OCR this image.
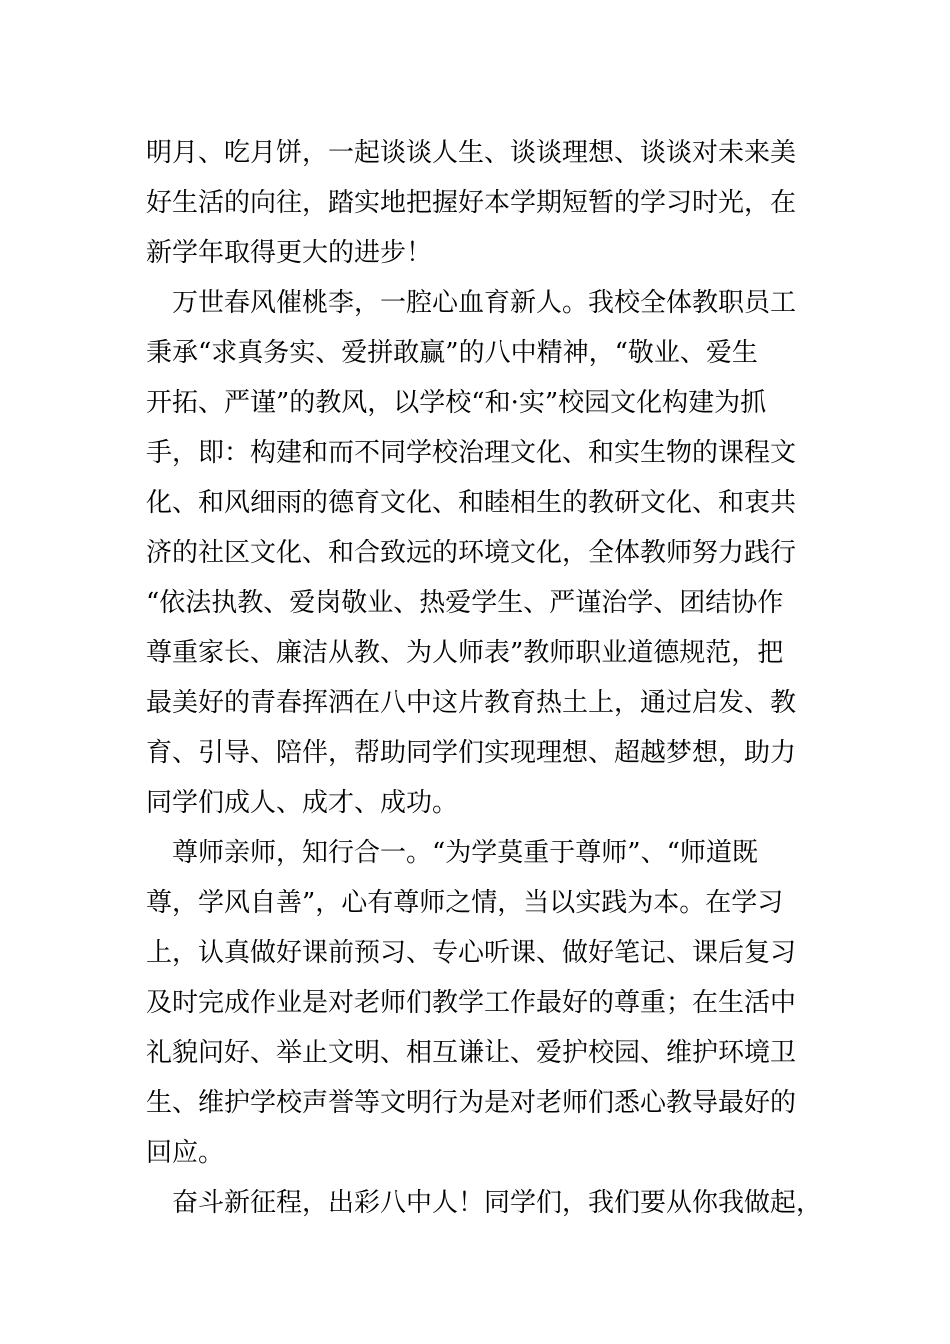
明月、吃月饼，一起谈谈人生、谈谈理想、谈谈对未来美
好生活的向往，踏实地把握好本学期短暂的学习时光，在
新学年取得更大的进步！
　万世春风催桃李，一腔心血育新人。我校全体教职员工
秉承“求真务实、爱拼敢赢”的八中精神，“敬业、爱生
开拓、严谨”的教风，以学校“和·实”校园文化构建为抓
手，即：构建和而不同学校治理文化、和实生物的课程文
化、和风细雨的德育文化、和睦相生的教研文化、和衷共
济的社区文化、和合致远的环境文化，全体教师努力践行
“依法执教、爱岗敬业、热爱学生、严谨治学、团结协作
尊重家长、廉洁从教、为人师表”教师职业道德规范，把
最美好的青春挥洒在八中这片教育热土上，通过启发、教
育、引导、陪伴，帮助同学们实现理想、超越梦想，助力
同学们成人、成才、成功。
　尊师亲师，知行合一。“为学莫重于尊师”、“师道既
尊，学风自善”，心有尊师之情，当以实践为本。在学习
上，认真做好课前预习、专心听课、做好笔记、课后复习
及时完成作业是对老师们教学工作最好的尊重；在生活中
礼貌问好、举止文明、相互谦让、爱护校园、维护环境卫
生、维护学校声誉等文明行为是对老师们悉心教导最好的
回应。
　奋斗新征程，出彩八中人！同学们，我们要从你我做起，
